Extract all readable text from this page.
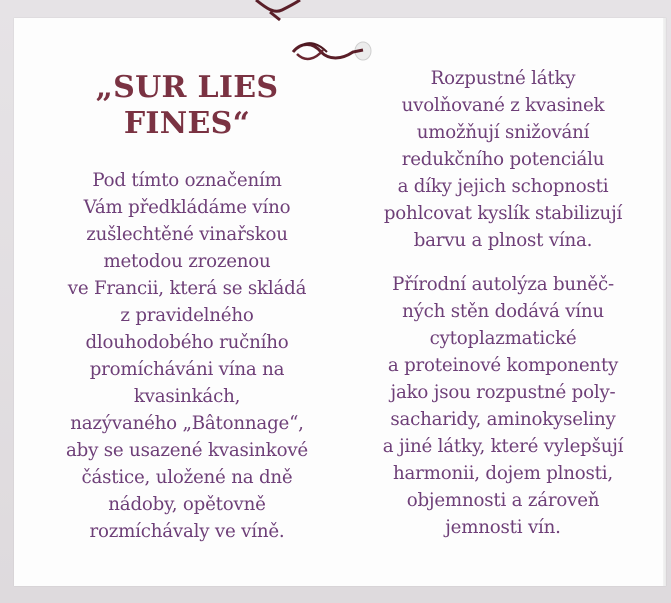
„SUR LIES
FINES“
Pod tímto označením
Vám předkládáme víno
zušlechtěné vinařskou
metodou zrozenou
ve Francii, která se skládá
z pravidelného
dlouhodobého ručního
promícháváni vína na
kvasinkách,
nazývaného „Bâtonnage“,
aby se usazené kvasinkové
částice, uložené na dně
nádoby, opětovně
rozmíchávaly ve víně.
Rozpustné látky
uvolňované z kvasinek
umožňují snižování
redukčního potenciálu
a díky jejich schopnosti
pohlcovat kyslík stabilizují
barvu a plnost vína.
Přírodní autolýza buněč-
ných stěn dodává vínu
cytoplazmatické
a proteinové komponenty
jako jsou rozpustné poly-
sacharidy, aminokyseliny
a jiné látky, které vylepšují
harmonii, dojem plnosti,
objemnosti a zároveň
jemnosti vín.
